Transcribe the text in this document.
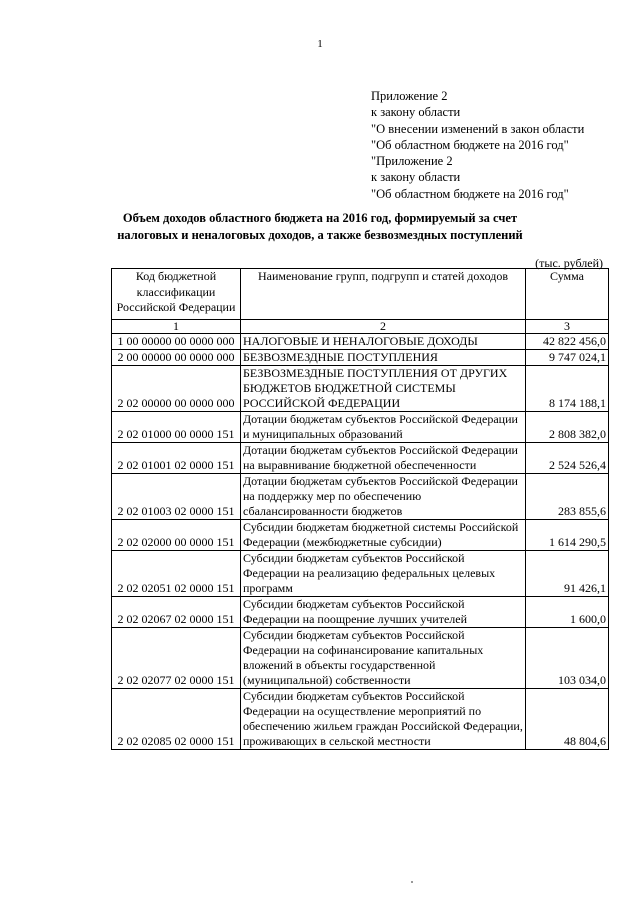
1
Приложение 2
к закону области
"О внесении изменений в закон области
"Об областном бюджете на 2016 год"
"Приложение 2
к закону области
"Об областном бюджете на 2016 год"
Объем доходов областного бюджета на 2016 год, формируемый за счет
налоговых и неналоговых доходов, а также безвозмездных поступлений
(тыс. рублей)
Код бюджетной классификации Российской Федерации	Наименование групп, подгрупп и статей доходов	Сумма
1	2	3
1 00 00000 00 0000 000	НАЛОГОВЫЕ И НЕНАЛОГОВЫЕ ДОХОДЫ	42 822 456,0
2 00 00000 00 0000 000	БЕЗВОЗМЕЗДНЫЕ ПОСТУПЛЕНИЯ	9 747 024,1
2 02 00000 00 0000 000	БЕЗВОЗМЕЗДНЫЕ ПОСТУПЛЕНИЯ ОТ ДРУГИХ БЮДЖЕТОВ БЮДЖЕТНОЙ СИСТЕМЫ РОССИЙСКОЙ ФЕДЕРАЦИИ	8 174 188,1
2 02 01000 00 0000 151	Дотации бюджетам субъектов Российской Федерации и муниципальных образований	2 808 382,0
2 02 01001 02 0000 151	Дотации бюджетам субъектов Российской Федерации на выравнивание бюджетной обеспеченности	2 524 526,4
2 02 01003 02 0000 151	Дотации бюджетам субъектов Российской Федерации на поддержку мер по обеспечению сбалансированности бюджетов	283 855,6
2 02 02000 00 0000 151	Субсидии бюджетам бюджетной системы Российской Федерации (межбюджетные субсидии)	1 614 290,5
2 02 02051 02 0000 151	Субсидии бюджетам субъектов Российской Федерации на реализацию федеральных целевых программ	91 426,1
2 02 02067 02 0000 151	Субсидии бюджетам субъектов Российской Федерации на поощрение лучших учителей	1 600,0
2 02 02077 02 0000 151	Субсидии бюджетам субъектов Российской Федерации на софинансирование капитальных вложений в объекты государственной (муниципальной) собственности	103 034,0
2 02 02085 02 0000 151	Субсидии бюджетам субъектов Российской Федерации на осуществление мероприятий по обеспечению жильем граждан Российской Федерации, проживающих в сельской местности	48 804,6
